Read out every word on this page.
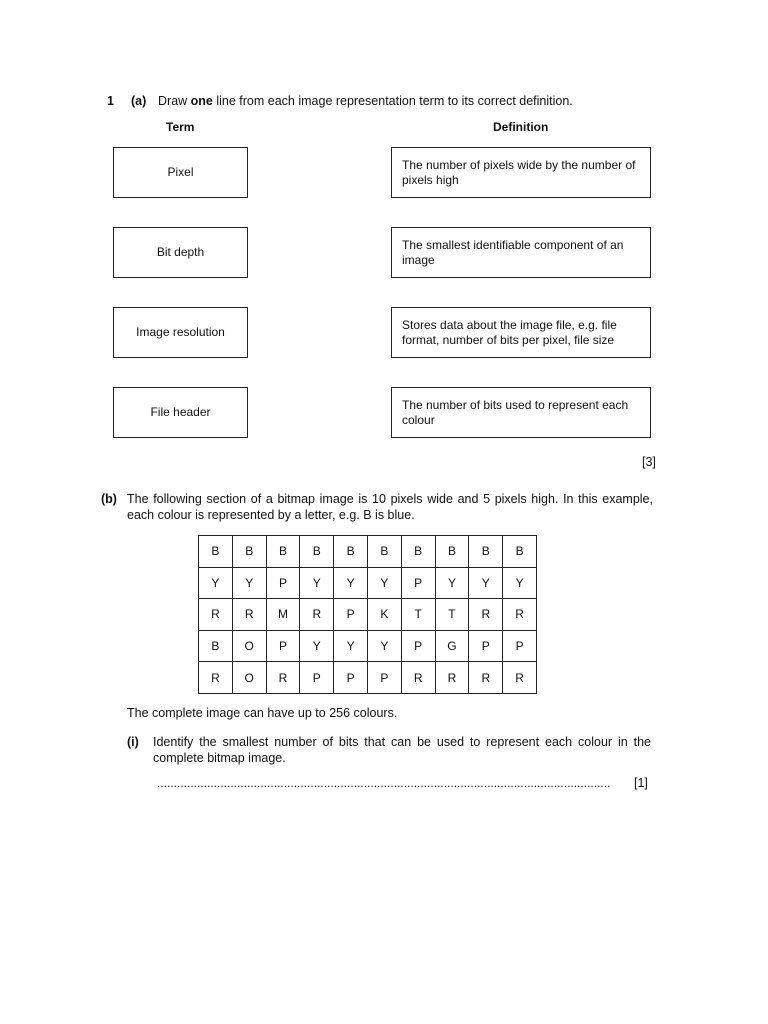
1 (a) Draw one line from each image representation term to its correct definition.
Term	Definition
Pixel
Bit depth
Image resolution
File header
The number of pixels wide by the number of pixels high
The smallest identifiable component of an image
Stores data about the image file, e.g. file format, number of bits per pixel, file size
The number of bits used to represent each colour
[3]
(b) The following section of a bitmap image is 10 pixels wide and 5 pixels high. In this example, each colour is represented by a letter, e.g. B is blue.
B	B	B	B	B	B	B	B	B	B
Y	Y	P	Y	Y	Y	P	Y	Y	Y
R	R	M	R	P	K	T	T	R	R
B	O	P	Y	Y	Y	P	G	P	P
R	O	R	P	P	P	R	R	R	R
The complete image can have up to 256 colours.
(i) Identify the smallest number of bits that can be used to represent each colour in the complete bitmap image.
........................................................................................................................................	[1]
